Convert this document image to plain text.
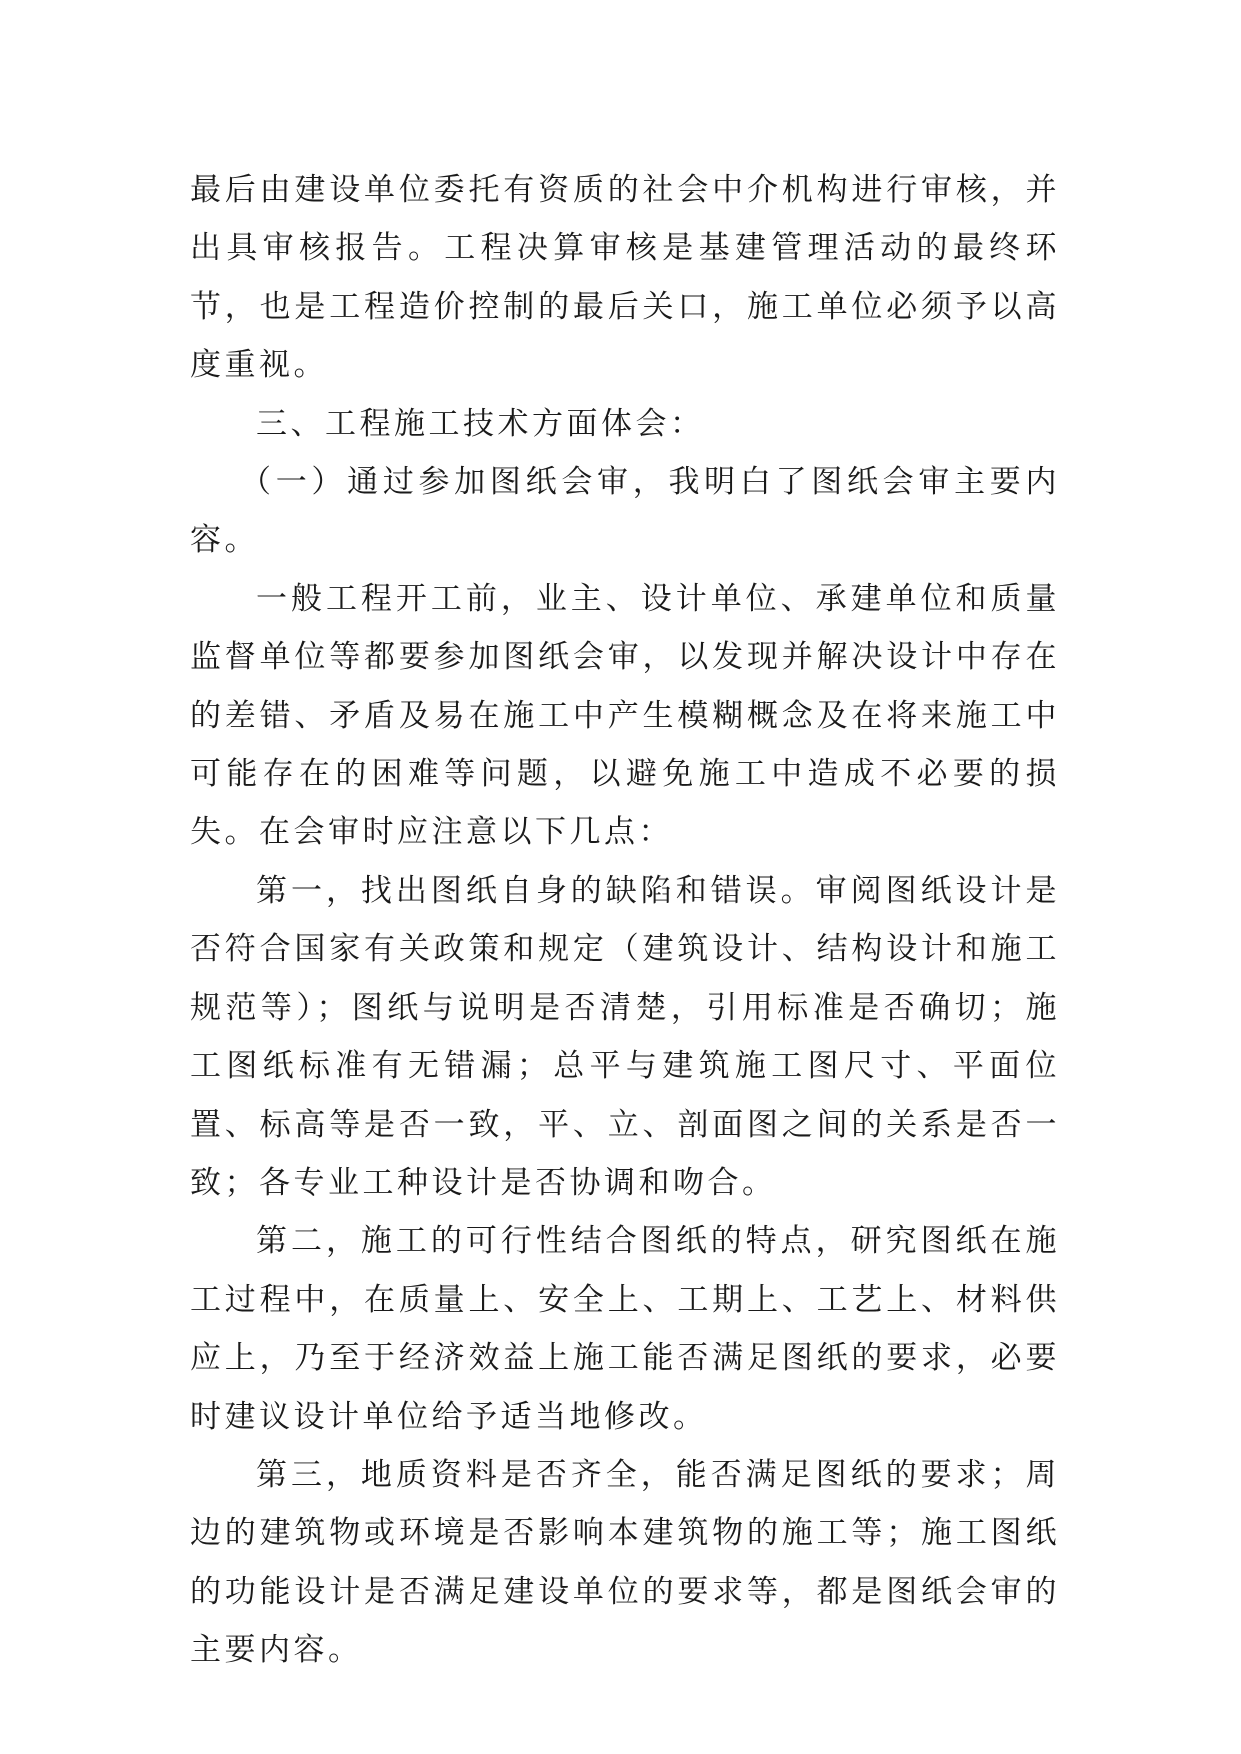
最后由建设单位委托有资质的社会中介机构进行审核，并出具审核报告。工程决算审核是基建管理活动的最终环节，也是工程造价控制的最后关口，施工单位必须予以高度重视。

三、工程施工技术方面体会：

（一）通过参加图纸会审，我明白了图纸会审主要内容。

一般工程开工前，业主、设计单位、承建单位和质量监督单位等都要参加图纸会审，以发现并解决设计中存在的差错、矛盾及易在施工中产生模糊概念及在将来施工中可能存在的困难等问题，以避免施工中造成不必要的损失。在会审时应注意以下几点：

第一，找出图纸自身的缺陷和错误。审阅图纸设计是否符合国家有关政策和规定（建筑设计、结构设计和施工规范等）；图纸与说明是否清楚，引用标准是否确切；施工图纸标准有无错漏；总平与建筑施工图尺寸、平面位置、标高等是否一致，平、立、剖面图之间的关系是否一致；各专业工种设计是否协调和吻合。

第二，施工的可行性结合图纸的特点，研究图纸在施工过程中，在质量上、安全上、工期上、工艺上、材料供应上，乃至于经济效益上施工能否满足图纸的要求，必要时建议设计单位给予适当地修改。

第三，地质资料是否齐全，能否满足图纸的要求；周边的建筑物或环境是否影响本建筑物的施工等；施工图纸的功能设计是否满足建设单位的要求等，都是图纸会审的主要内容。
